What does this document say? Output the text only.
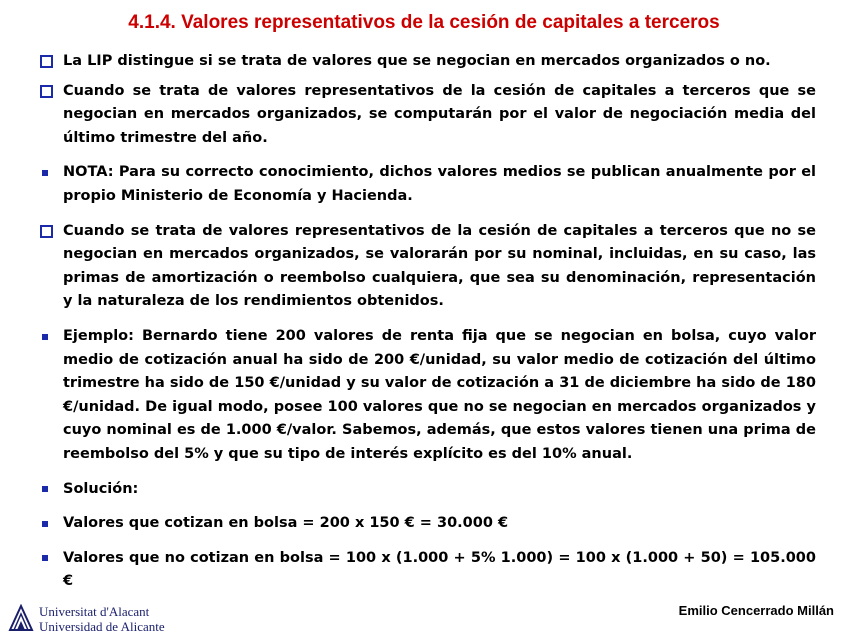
4.1.4. Valores representativos de la cesión de capitales a terceros
La LIP distingue si se trata de valores que se negocian en mercados organizados o no.
Cuando se trata de valores representativos de la cesión de capitales a terceros que se negocian en mercados organizados, se computarán por el valor de negociación media del último trimestre del año.
NOTA: Para su correcto conocimiento, dichos valores medios se publican anualmente por el propio Ministerio de Economía y Hacienda.
Cuando se trata de valores representativos de la cesión de capitales a terceros que no se negocian en mercados organizados, se valorarán por su nominal, incluidas, en su caso, las primas de amortización o reembolso cualquiera, que sea su denominación, representación y la naturaleza de los rendimientos obtenidos.
Ejemplo: Bernardo tiene 200 valores de renta fija que se negocian en bolsa, cuyo valor medio de cotización anual ha sido de 200 €/unidad, su valor medio de cotización del último trimestre ha sido de 150 €/unidad y su valor de cotización a 31 de diciembre ha sido de 180 €/unidad. De igual modo, posee 100 valores que no se negocian en mercados organizados y cuyo nominal es de 1.000 €/valor. Sabemos, además, que estos valores tienen una prima de reembolso del 5% y que su tipo de interés explícito es del 10% anual.
Solución:
Valores que cotizan en bolsa = 200 x 150 € = 30.000 €
Valores que no cotizan en bolsa = 100 x (1.000 + 5% 1.000) = 100 x (1.000 + 50) = 105.000 €
Universitat d'Alacant
Universidad de Alicante
Emilio Cencerrado Millán
